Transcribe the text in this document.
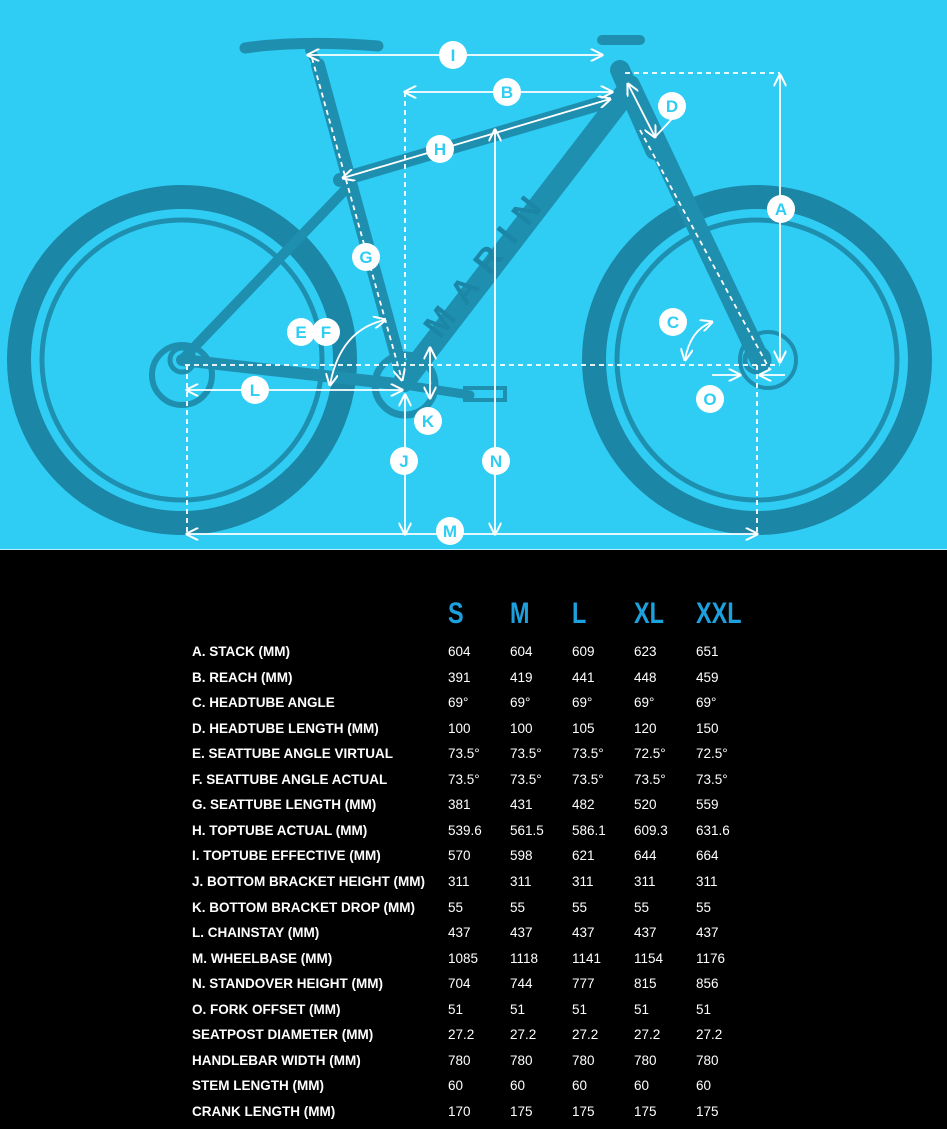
MARIN	A
B
C
D
E F
G
H
I
J
K
L
M
N
O
S M L XL XXL
A. STACK (MM)	604	604	609	623	651
B. REACH (MM)	391	419	441	448	459
C. HEADTUBE ANGLE	69°	69°	69°	69°	69°
D. HEADTUBE LENGTH (MM)	100	100	105	120	150
E. SEATTUBE ANGLE VIRTUAL	73.5° 73.5° 73.5° 72.5° 72.5°
F. SEATTUBE ANGLE ACTUAL	73.5° 73.5° 73.5° 73.5° 73.5°
G. SEATTUBE LENGTH (MM)	381	431	482	520	559
H. TOPTUBE ACTUAL (MM)	539.6 561.5 586.1 609.3 631.6
I. TOPTUBE EFFECTIVE (MM)	570	598	621	644	664
J. BOTTOM BRACKET HEIGHT (MM) 311	311	311	311	311
K. BOTTOM BRACKET DROP (MM) 55	55	55	55	55
L. CHAINSTAY (MM)	437	437	437	437	437
M. WHEELBASE (MM)	1085 1118	1141 1154 1176
N. STANDOVER HEIGHT (MM)	704	744	777	815	856
O. FORK OFFSET (MM)	51	51	51	51	51
SEATPOST DIAMETER (MM)	27.2	27.2	27.2	27.2	27.2
HANDLEBAR WIDTH (MM)	780	780	780	780	780
STEM LENGTH (MM)	60	60	60	60	60
CRANK LENGTH (MM)	170	175	175	175	175
